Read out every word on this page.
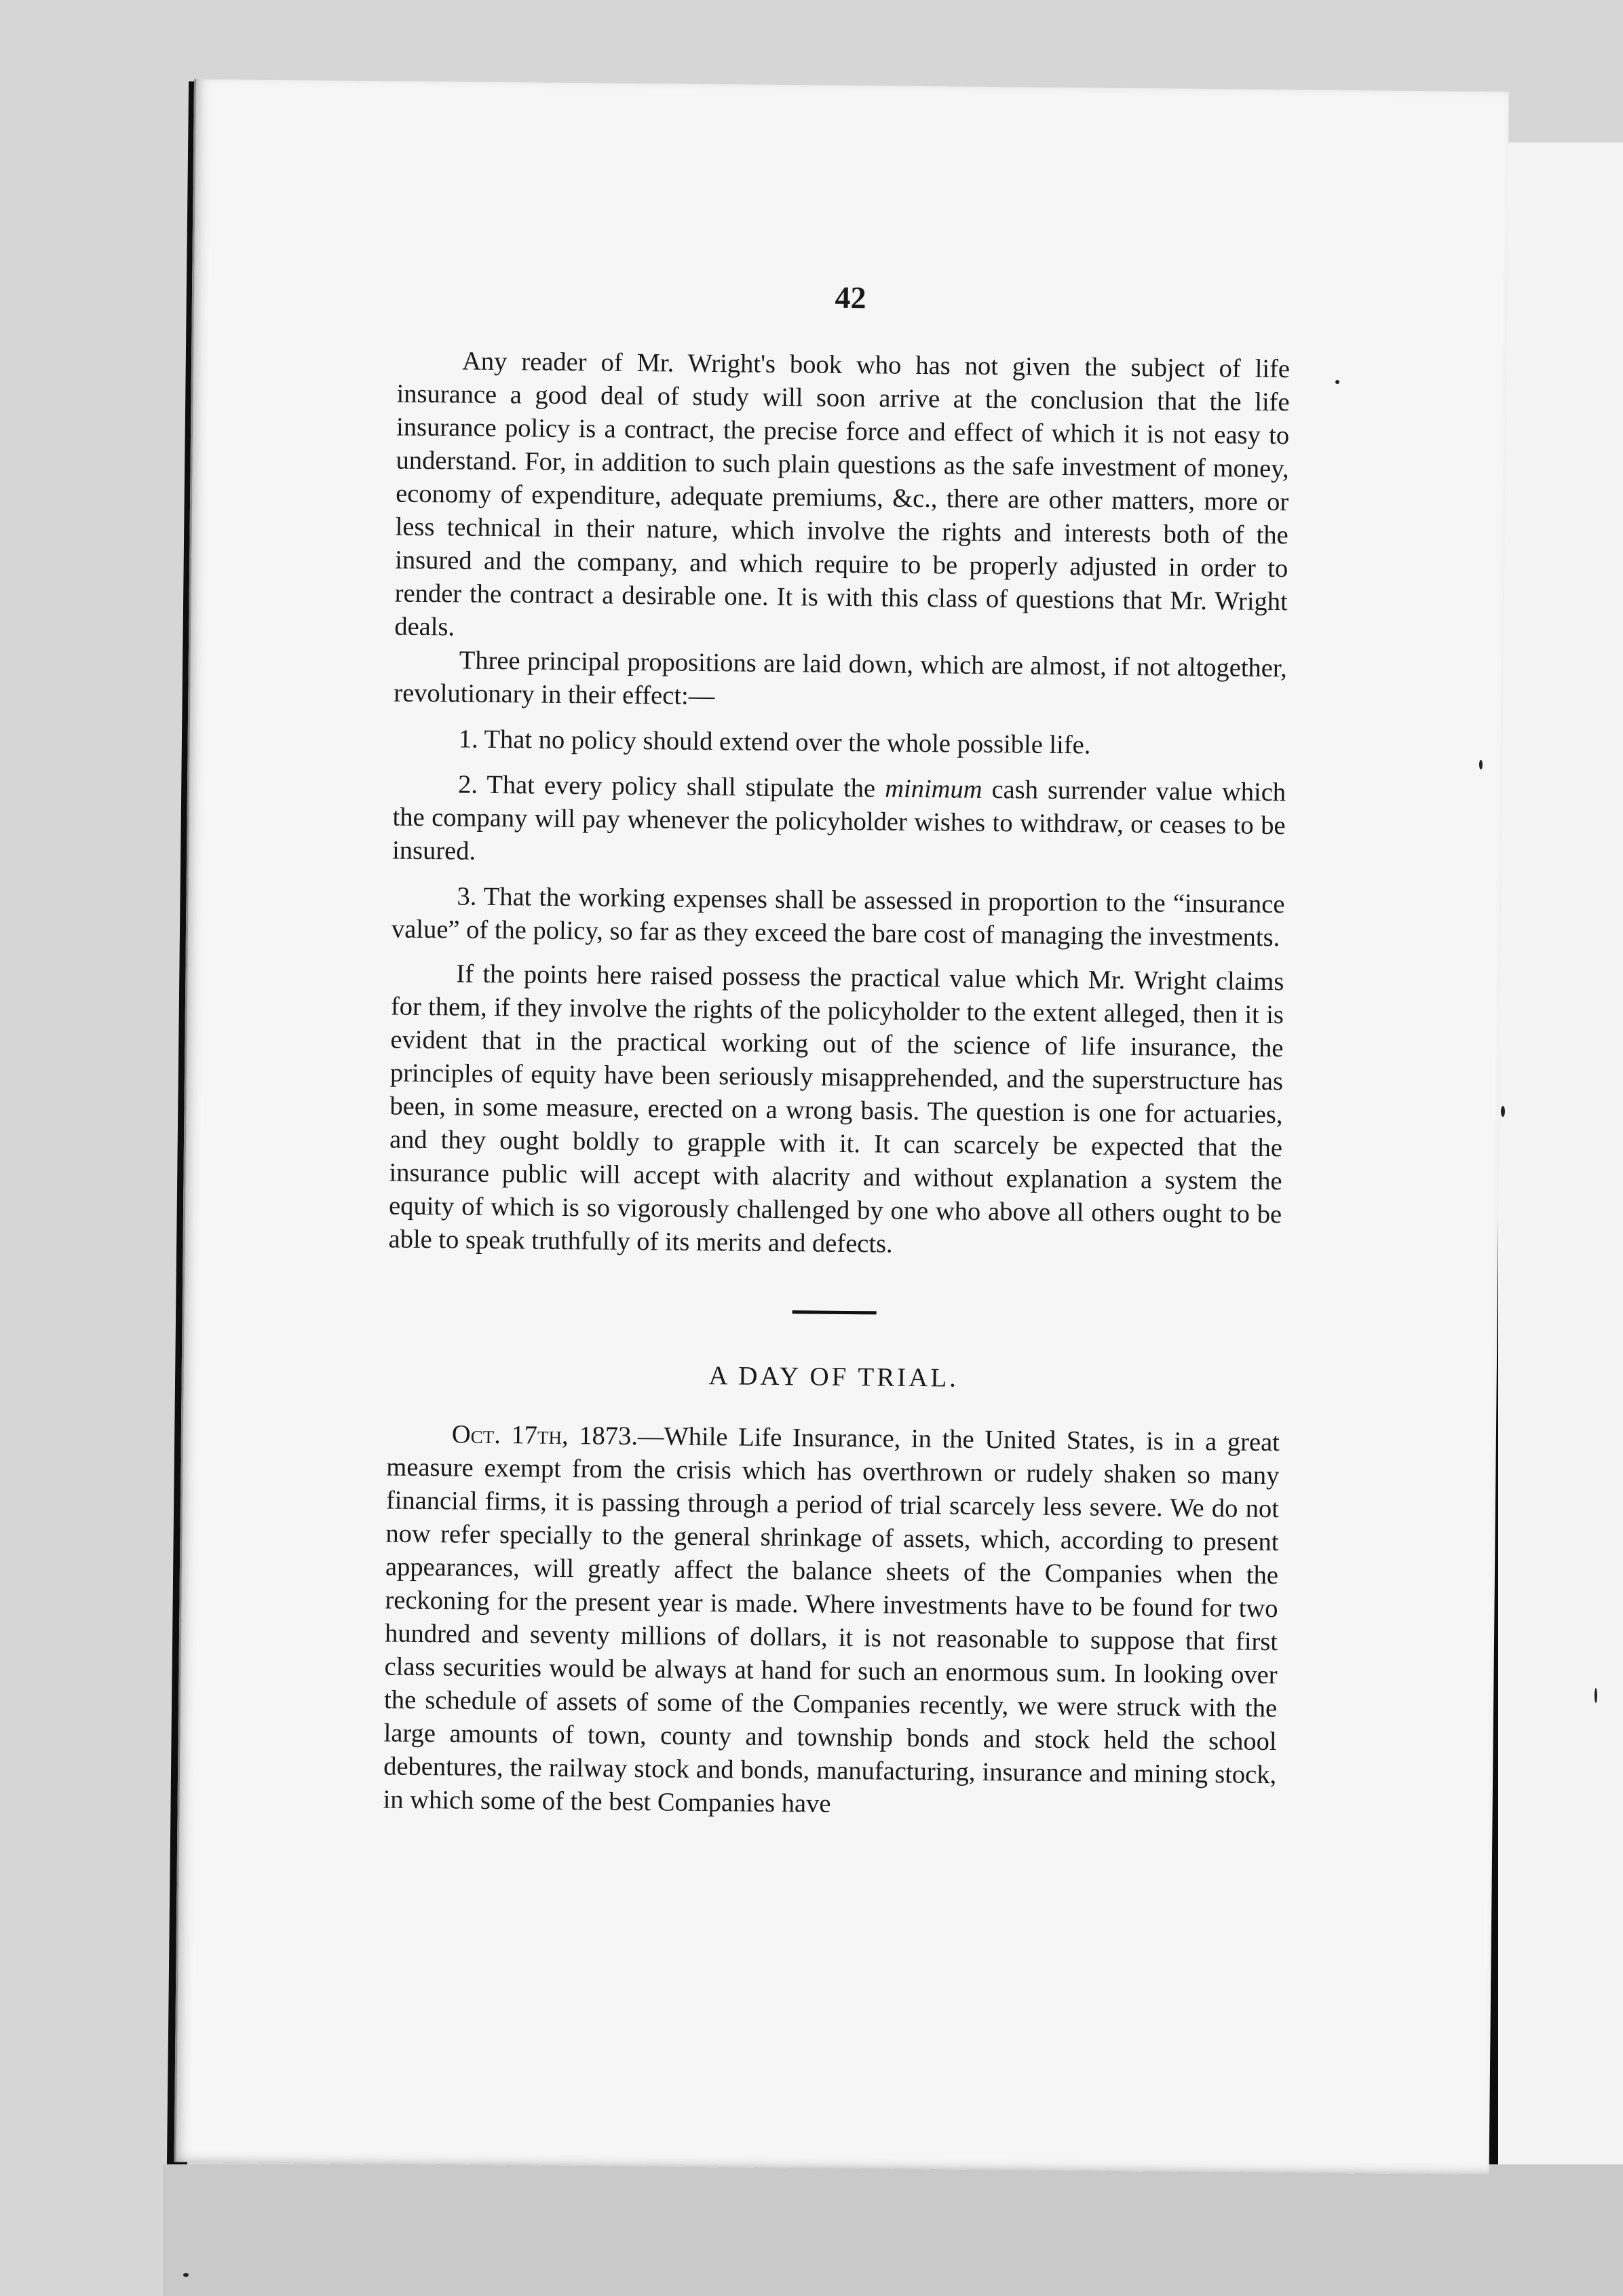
42

Any reader of Mr. Wright's book who has not given the subject of life insurance a good deal of study will soon arrive at the conclusion that the life insurance policy is a contract, the precise force and effect of which it is not easy to understand. For, in addition to such plain questions as the safe investment of money, economy of expenditure, adequate premiums, &c., there are other matters, more or less technical in their nature, which involve the rights and interests both of the insured and the company, and which require to be properly adjusted in order to render the contract a desirable one. It is with this class of questions that Mr. Wright deals.

Three principal propositions are laid down, which are almost, if not altogether, revolutionary in their effect:—

1. That no policy should extend over the whole possible life.

2. That every policy shall stipulate the minimum cash surrender value which the company will pay whenever the policyholder wishes to withdraw, or ceases to be insured.

3. That the working expenses shall be assessed in proportion to the “insurance value” of the policy, so far as they exceed the bare cost of managing the investments.

If the points here raised possess the practical value which Mr. Wright claims for them, if they involve the rights of the policyholder to the extent alleged, then it is evident that in the practical working out of the science of life insurance, the principles of equity have been seriously misapprehended, and the superstructure has been, in some measure, erected on a wrong basis. The question is one for actuaries, and they ought boldly to grapple with it. It can scarcely be expected that the insurance public will accept with alacrity and without explanation a system the equity of which is so vigorously challenged by one who above all others ought to be able to speak truthfully of its merits and defects.

A DAY OF TRIAL.

Oct. 17th, 1873.—While Life Insurance, in the United States, is in a great measure exempt from the crisis which has overthrown or rudely shaken so many financial firms, it is passing through a period of trial scarcely less severe. We do not now refer specially to the general shrinkage of assets, which, according to present appearances, will greatly affect the balance sheets of the Companies when the reckoning for the present year is made. Where investments have to be found for two hundred and seventy millions of dollars, it is not reasonable to suppose that first class securities would be always at hand for such an enormous sum. In looking over the schedule of assets of some of the Companies recently, we were struck with the large amounts of town, county and township bonds and stock held the school debentures, the railway stock and bonds, manufacturing, insurance and mining stock, in which some of the best Companies have
